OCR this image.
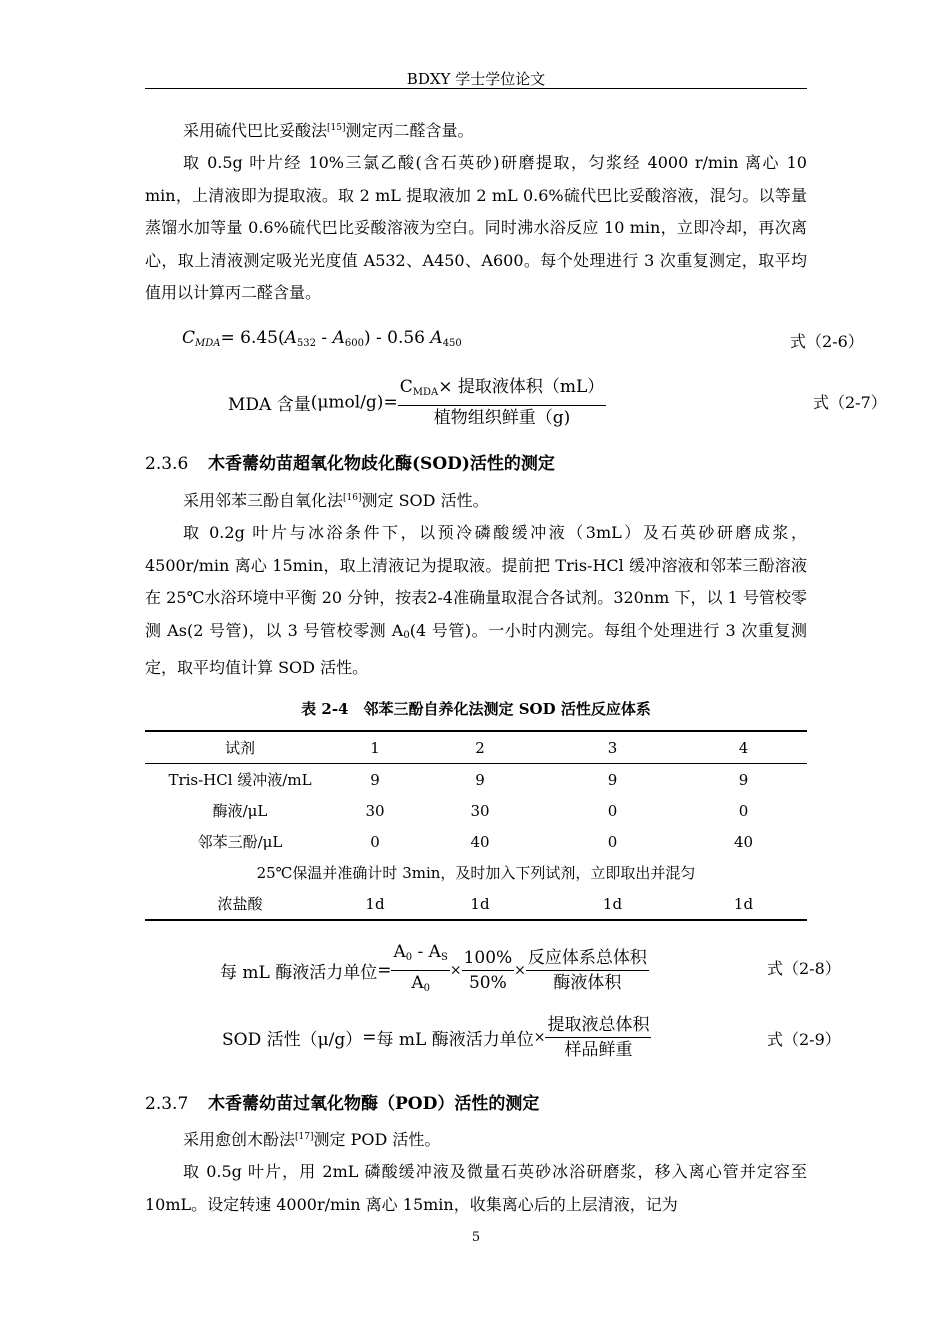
BDXY 学士学位论文

采用硫代巴比妥酸法[15]测定丙二醛含量。

取 0.5g 叶片经 10%三氯乙酸(含石英砂)研磨提取，匀浆经 4000 r/min 离心 10 min，上清液即为提取液。取 2 mL 提取液加 2 mL 0.6%硫代巴比妥酸溶液，混匀。以等量蒸馏水加等量 0.6%硫代巴比妥酸溶液为空白。同时沸水浴反应 10 min，立即冷却，再次离心，取上清液测定吸光光度值 A532、A450、A600。每个处理进行 3 次重复测定，取平均值用以计算丙二醛含量。

$C_{MDA}= 6.45(A_{532} - A_{600}) - 0.56$ $A_{450}$	式（2-6）
MDA 含量$(\mu mol/g)= \frac{C_{MDA}\times 提取液体积(mL)}{\text{植物组织鲜重（g)}}$	式（2-7）
2.3.6 木香薷幼苗超氧化物歧化酶(SOD)活性的测定

采用邻苯三酚自氧化法[16]测定 SOD 活性。

取 0.2g 叶片与冰浴条件下，以预冷磷酸缓冲液（3mL）及石英砂研磨成浆，4500r/min 离心 15min，取上清液记为提取液。提前把 Tris-HCl 缓冲溶液和邻苯三酚溶液在 25℃水浴环境中平衡 20 分钟，按表2-4准确量取混合各试剂。320nm 下，以 1 号管校零测 As(2 号管)，以 3 号管校零测 $A_0(4$ 号管)。一小时内测完。每组个处理进行 3 次重复测定，取平均值计算 SOD 活性。

表 2-4　邻苯三酚自养化法测定 SOD 活性反应体系
试剂	1	2	3	4
Tris-HCl 缓冲液/mL	9	9	9	9
酶液/μL	30	30	0	0
邻苯三酚/μL	0	40	0	40
25℃保温并准确计时 3min，及时加入下列试剂，立即取出并混匀				
浓盐酸	1d	1d	1d	1d
每 mL 酶液活力单位= $\frac{A_0 - A_S}{A_0} \times \frac{100\%}{50\%} \times \frac{\text{反应体系总体积}}{\text{酶液体积}}$	式（2-8）
SOD 活性（μ/g）=每 mL 酶液活力单位× $\frac{\text{提取液总体积}}{\text{样品鲜重}}$	式（2-9）
2.3.7 木香薷幼苗过氧化物酶（POD）活性的测定

采用愈创木酚法[17]测定 POD 活性。

取 0.5g 叶片，用 2mL 磷酸缓冲液及微量石英砂冰浴研磨浆，移入离心管并定容至 10mL。设定转速 4000r/min 离心 15min，收集离心后的上层清液，记为

5
